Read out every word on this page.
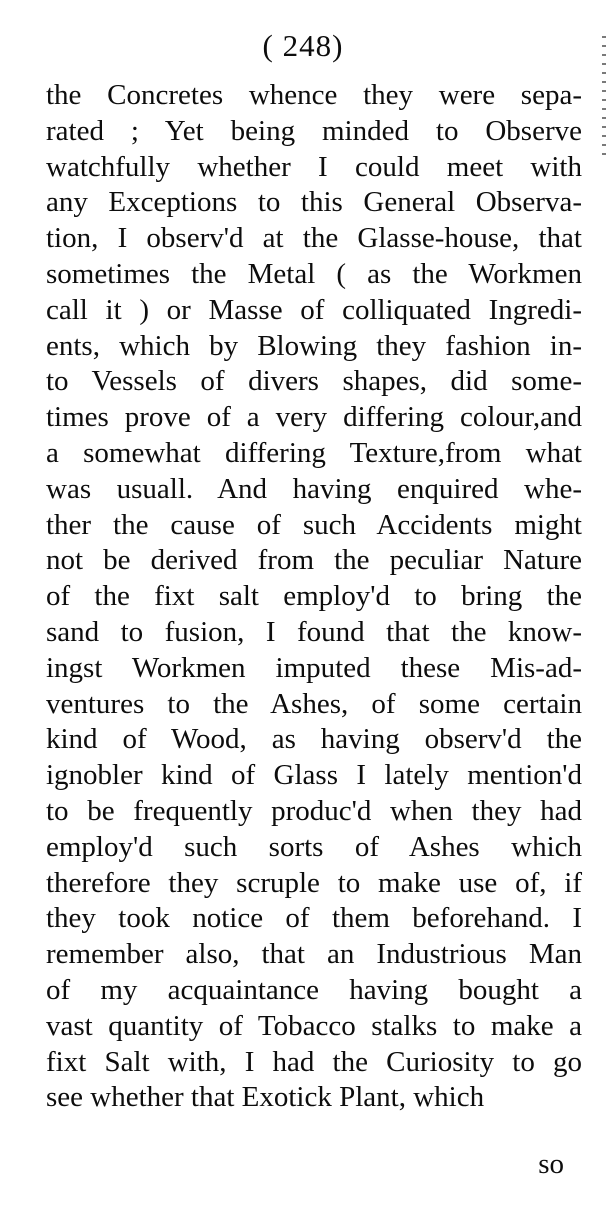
( 248)
the Concretes whence they were sepa-
rated ; Yet being minded to Observe
watchfully whether I could meet with
any Exceptions to this General Observa-
tion, I observ'd at the Glasse-house, that
sometimes the Metal ( as the Workmen
call it ) or Masse of colliquated Ingredi-
ents, which by Blowing they fashion in-
to Vessels of divers shapes, did some-
times prove of a very differing colour,and
a somewhat differing Texture,from what
was usuall. And having enquired whe-
ther the cause of such Accidents might
not be derived from the peculiar Nature
of the fixt salt employ'd to bring the
sand to fusion, I found that the know-
ingst Workmen imputed these Mis-ad-
ventures to the Ashes, of some certain
kind of Wood, as having observ'd the
ignobler kind of Glass I lately mention'd
to be frequently produc'd when they had
employ'd such sorts of Ashes which
therefore they scruple to make use of, if
they took notice of them beforehand. I
remember also, that an Industrious Man
of my acquaintance having bought a
vast quantity of Tobacco stalks to make a
fixt Salt with, I had the Curiosity to go
see whether that Exotick Plant, which
so
